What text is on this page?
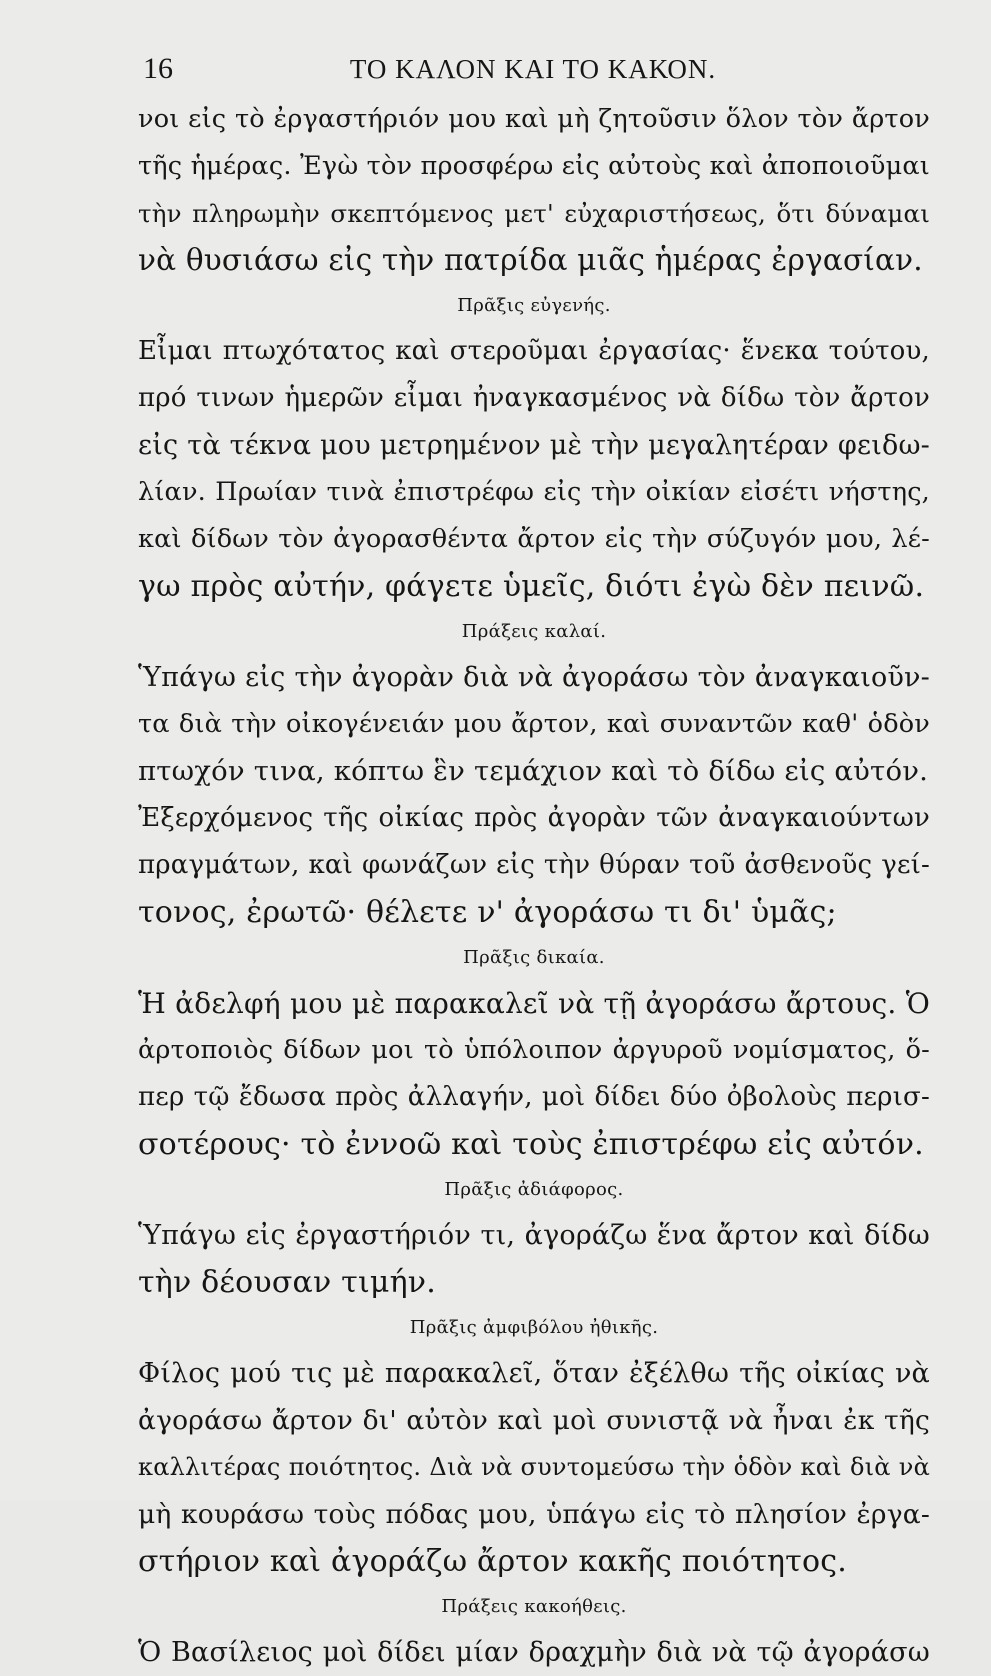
16	ΤΟ ΚΑΛΟΝ ΚΑΙ ΤΟ ΚΑΚΟΝ.
νοι εἰς τὸ ἐργαστήριόν μου καὶ μὴ ζητοῦσιν ὅλον τὸν ἄρτον
τῆς ἡμέρας. Ἐγὼ τὸν προσφέρω εἰς αὐτοὺς καὶ ἀποποιοῦμαι
τὴν πληρωμὴν σκεπτόμενος μετ' εὐχαριστήσεως, ὅτι δύναμαι
νὰ θυσιάσω εἰς τὴν πατρίδα μιᾶς ἡμέρας ἐργασίαν.
Πρᾶξις εὐγενής.
Εἶμαι πτωχότατος καὶ στεροῦμαι ἐργασίας· ἕνεκα τούτου,
πρό τινων ἡμερῶν εἶμαι ἠναγκασμένος νὰ δίδω τὸν ἄρτον
εἰς τὰ τέκνα μου μετρημένον μὲ τὴν μεγαλητέραν φειδω-
λίαν. Πρωίαν τινὰ ἐπιστρέφω εἰς τὴν οἰκίαν εἰσέτι νήστης,
καὶ δίδων τὸν ἀγορασθέντα ἄρτον εἰς τὴν σύζυγόν μου, λέ-
γω πρὸς αὐτήν, φάγετε ὑμεῖς, διότι ἐγὼ δὲν πεινῶ.
Πράξεις καλαί.
Ὑπάγω εἰς τὴν ἀγορὰν διὰ νὰ ἀγοράσω τὸν ἀναγκαιοῦν-
τα διὰ τὴν οἰκογένειάν μου ἄρτον, καὶ συναντῶν καθ' ὁδὸν
πτωχόν τινα, κόπτω ἓν τεμάχιον καὶ τὸ δίδω εἰς αὐτόν.
Ἐξερχόμενος τῆς οἰκίας πρὸς ἀγορὰν τῶν ἀναγκαιούντων
πραγμάτων, καὶ φωνάζων εἰς τὴν θύραν τοῦ ἀσθενοῦς γεί-
τονος, ἐρωτῶ· θέλετε ν' ἀγοράσω τι δι' ὑμᾶς;
Πρᾶξις δικαία.
Ἡ ἀδελφή μου μὲ παρακαλεῖ νὰ τῇ ἀγοράσω ἄρτους. Ὁ
ἀρτοποιὸς δίδων μοι τὸ ὑπόλοιπον ἀργυροῦ νομίσματος, ὅ-
περ τῷ ἔδωσα πρὸς ἀλλαγήν, μοὶ δίδει δύο ὀβολοὺς περισ-
σοτέρους· τὸ ἐννοῶ καὶ τοὺς ἐπιστρέφω εἰς αὐτόν.
Πρᾶξις ἀδιάφορος.
Ὑπάγω εἰς ἐργαστήριόν τι, ἀγοράζω ἕνα ἄρτον καὶ δίδω
τὴν δέουσαν τιμήν.
Πρᾶξις ἀμφιβόλου ἠθικῆς.
Φίλος μού τις μὲ παρακαλεῖ, ὅταν ἐξέλθω τῆς οἰκίας νὰ
ἀγοράσω ἄρτον δι' αὐτὸν καὶ μοὶ συνιστᾷ νὰ ἦναι ἐκ τῆς
καλλιτέρας ποιότητος. Διὰ νὰ συντομεύσω τὴν ὁδὸν καὶ διὰ νὰ
μὴ κουράσω τοὺς πόδας μου, ὑπάγω εἰς τὸ πλησίον ἐργα-
στήριον καὶ ἀγοράζω ἄρτον κακῆς ποιότητος.
Πράξεις κακοήθεις.
Ὁ Βασίλειος μοὶ δίδει μίαν δραχμὴν διὰ νὰ τῷ ἀγοράσω
